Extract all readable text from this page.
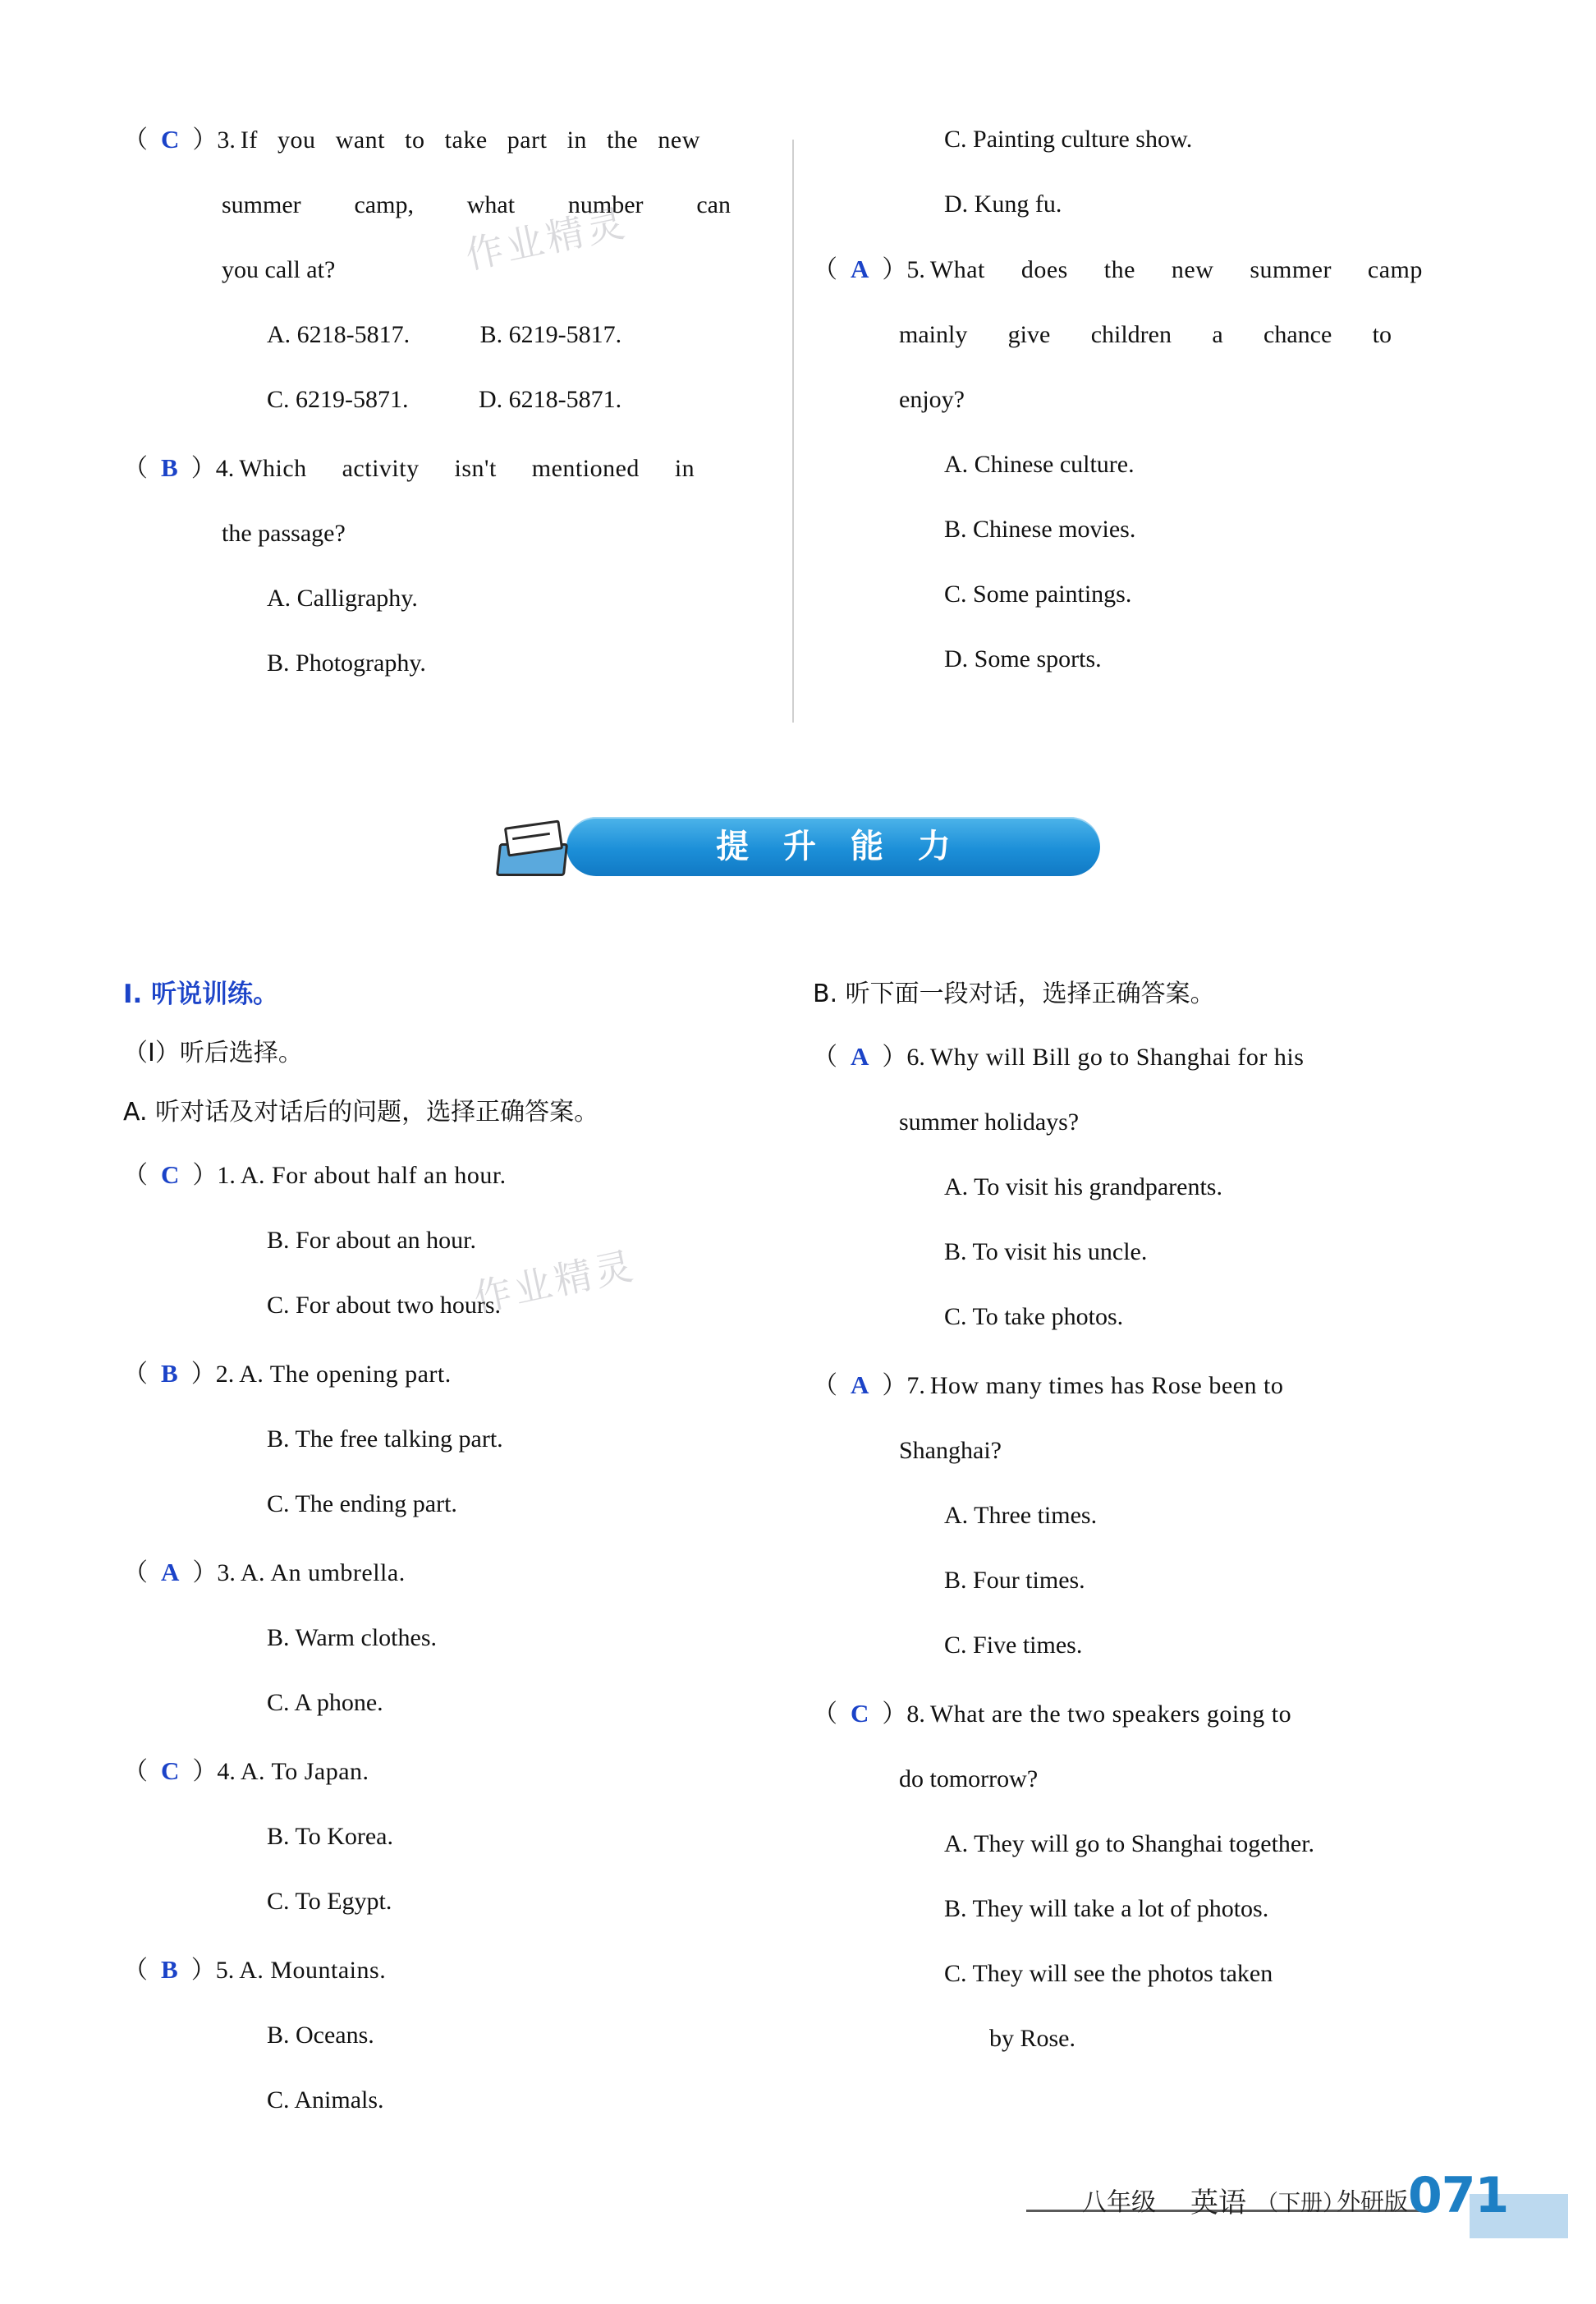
（ C ） 3. If you want to take part in the new
summer camp, what number can
you call at?
A. 6218-5817.	B. 6219-5817.
C. 6219-5871.	D. 6218-5871.
（ B ） 4. Which activity isn't mentioned in
the passage?
A. Calligraphy.
B. Photography.
C. Painting culture show.
D. Kung fu.
（ A ） 5. What does the new summer camp
mainly give children a chance to
enjoy?
A. Chinese culture.
B. Chinese movies.
C. Some paintings.
D. Some sports.
提 升 能 力
Ⅰ. 听说训练。
（Ⅰ）听后选择。
A. 听对话及对话后的问题，选择正确答案。
（ C ） 1. A. For about half an hour.
B. For about an hour.
C. For about two hours.
（ B ） 2. A. The opening part.
B. The free talking part.
C. The ending part.
（ A ） 3. A. An umbrella.
B. Warm clothes.
C. A phone.
（ C ） 4. A. To Japan.
B. To Korea.
C. To Egypt.
（ B ） 5. A. Mountains.
B. Oceans.
C. Animals.
B. 听下面一段对话，选择正确答案。
（ A ） 6. Why will Bill go to Shanghai for his
summer holidays?
A. To visit his grandparents.
B. To visit his uncle.
C. To take photos.
（ A ） 7. How many times has Rose been to
Shanghai?
A. Three times.
B. Four times.
C. Five times.
（ C ） 8. What are the two speakers going to
do tomorrow?
A. They will go to Shanghai together.
B. They will take a lot of photos.
C. They will see the photos taken
by Rose.
作业精灵
作业精灵
八年级 英语 （下册）
外研版 071
